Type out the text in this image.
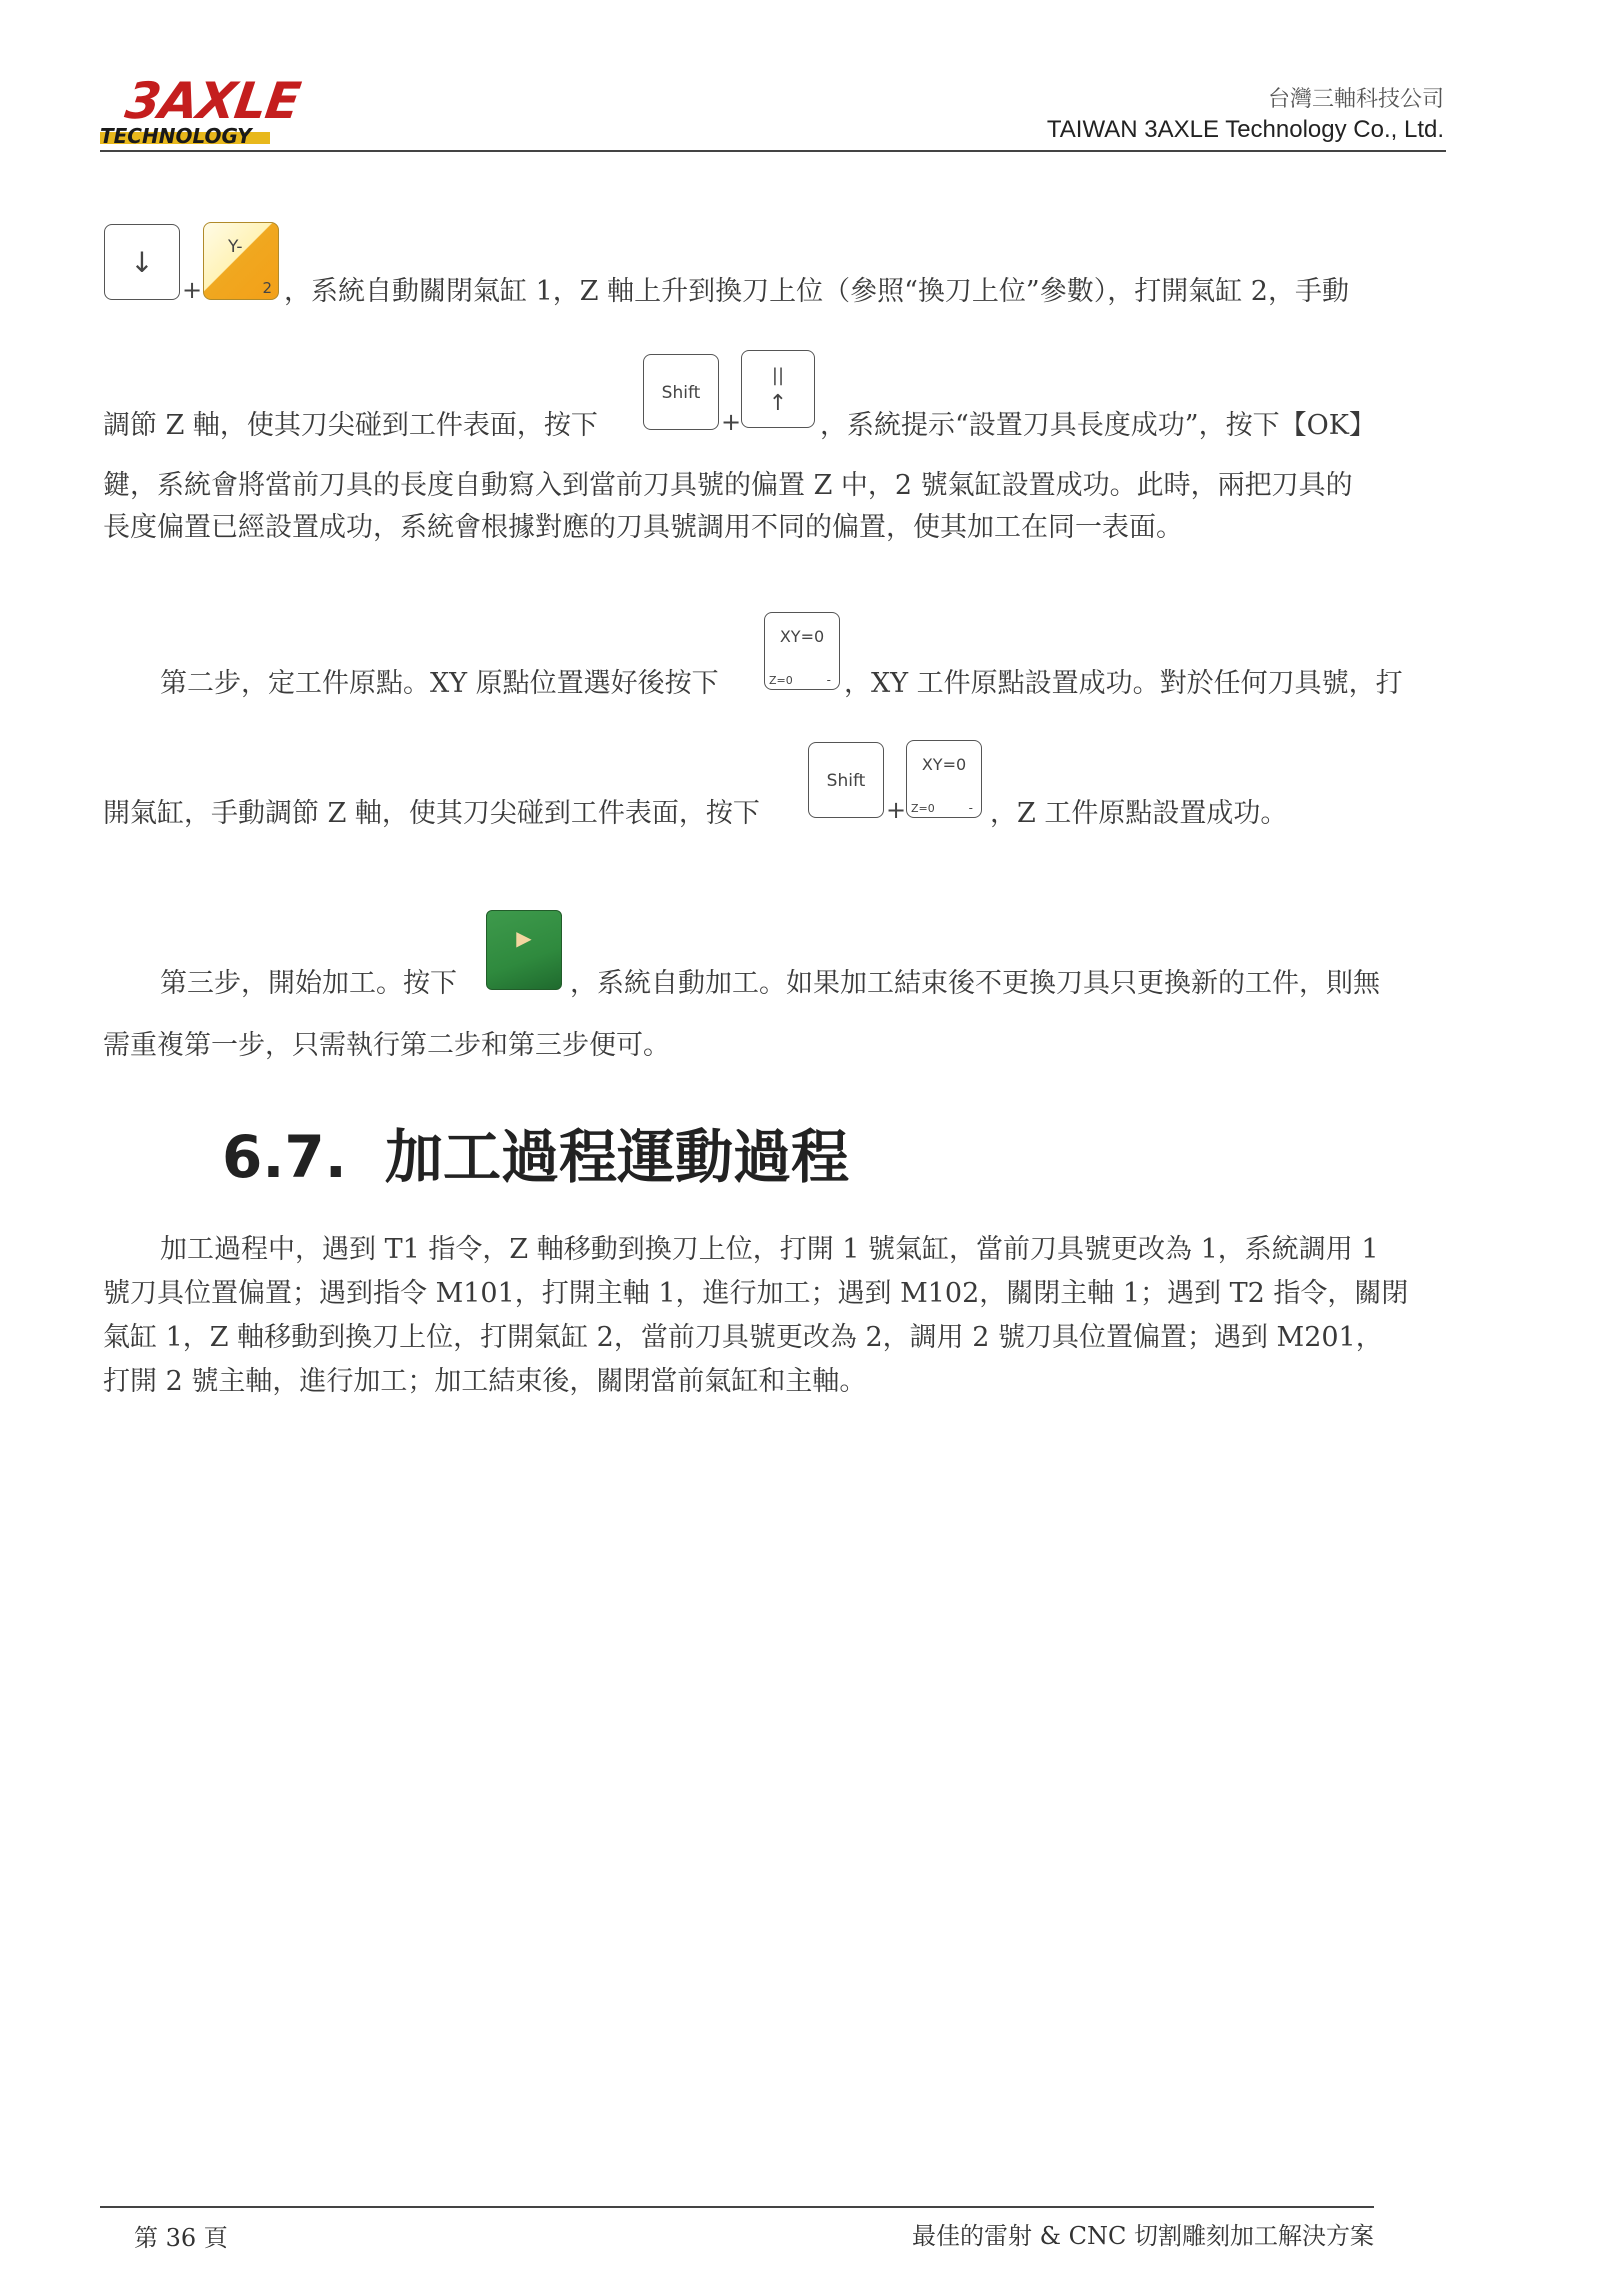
3AXLE
TECHNOLOGY
台灣三軸科技公司
TAIWAN 3AXLE Technology Co., Ltd.
↓
+
Y-
2 ，系統自動關閉氣缸 1，Z 軸上升到換刀上位（參照“換刀上位”參數），打開氣缸 2，手動
調節 Z 軸，使其刀尖碰到工件表面，按下
Shift
+
||
↑
，系統提示“設置刀具長度成功”，按下【OK】
鍵，系統會將當前刀具的長度自動寫入到當前刀具號的偏置 Z 中，2 號氣缸設置成功。此時，兩把刀具的
長度偏置已經設置成功，系統會根據對應的刀具號調用不同的偏置，使其加工在同一表面。
第二步，定工件原點。XY 原點位置選好後按下
XY=0
Z=0	- ，XY 工件原點設置成功。對於任何刀具號，打
開氣缸，手動調節 Z 軸，使其刀尖碰到工件表面，按下
Shift
+
XY=0
Z=0	- ，Z 工件原點設置成功。
第三步，開始加工。按下
▶
，系統自動加工。如果加工結束後不更換刀具只更換新的工件，則無
需重複第一步，只需執行第二步和第三步便可。
6.7. 加工過程運動過程
加工過程中，遇到 T1 指令，Z 軸移動到換刀上位，打開 1 號氣缸，當前刀具號更改為 1，系統調用 1
號刀具位置偏置；遇到指令 M101，打開主軸 1，進行加工；遇到 M102，關閉主軸 1；遇到 T2 指令，關閉
氣缸 1，Z 軸移動到換刀上位，打開氣缸 2，當前刀具號更改為 2，調用 2 號刀具位置偏置；遇到 M201，
打開 2 號主軸，進行加工；加工結束後，關閉當前氣缸和主軸。
第 36 頁	最佳的雷射 & CNC 切割雕刻加工解決方案
